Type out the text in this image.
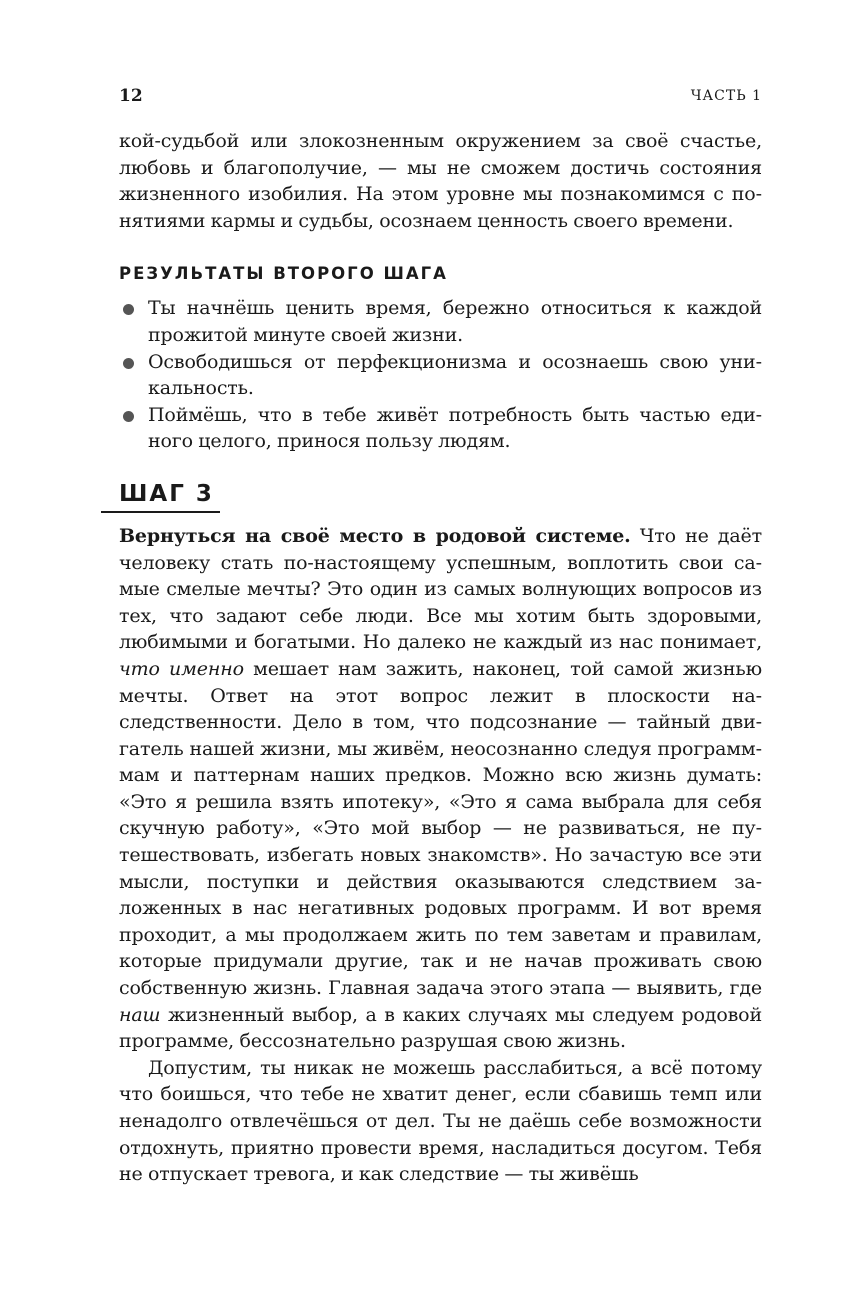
12	ЧАСТЬ 1

кой-судьбой или злокозненным окружением за своё счастье, любовь и благополучие, — мы не сможем достичь состояния жизненного изобилия. На этом уровне мы познакомимся с понятиями кармы и судьбы, осознаем ценность своего времени.

РЕЗУЛЬТАТЫ ВТОРОГО ШАГА
Ты начнёшь ценить время, бережно относиться к каждой прожитой минуте своей жизни.
Освободишься от перфекционизма и осознаешь свою уникальность.
Поймёшь, что в тебе живёт потребность быть частью единого целого, принося пользу людям.
ШАГ 3

Вернуться на своё место в родовой системе. Что не даёт человеку стать по-настоящему успешным, воплотить свои самые смелые мечты? Это один из самых волнующих вопросов из тех, что задают себе люди. Все мы хотим быть здоровыми, любимыми и богатыми. Но далеко не каждый из нас понимает, что именно мешает нам зажить, наконец, той самой жизнью мечты. Ответ на этот вопрос лежит в плоскости наследственности. Дело в том, что подсознание — тайный двигатель нашей жизни, мы живём, неосознанно следуя программмам и паттернам наших предков. Можно всю жизнь думать: «Это я решила взять ипотеку», «Это я сама выбрала для себя скучную работу», «Это мой выбор — не развиваться, не путешествовать, избегать новых знакомств». Но зачастую все эти мысли, поступки и действия оказываются следствием заложенных в нас негативных родовых программ. И вот время проходит, а мы продолжаем жить по тем заветам и правилам, которые придумали другие, так и не начав проживать свою собственную жизнь. Главная задача этого этапа — выявить, где наш жизненный выбор, а в каких случаях мы следуем родовой программе, бессознательно разрушая свою жизнь.

Допустим, ты никак не можешь расслабиться, а всё потому что боишься, что тебе не хватит денег, если сбавишь темп или ненадолго отвлечёшься от дел. Ты не даёшь себе возможности отдохнуть, приятно провести время, насладиться досугом. Тебя не отпускает тревога, и как следствие — ты живёшь
